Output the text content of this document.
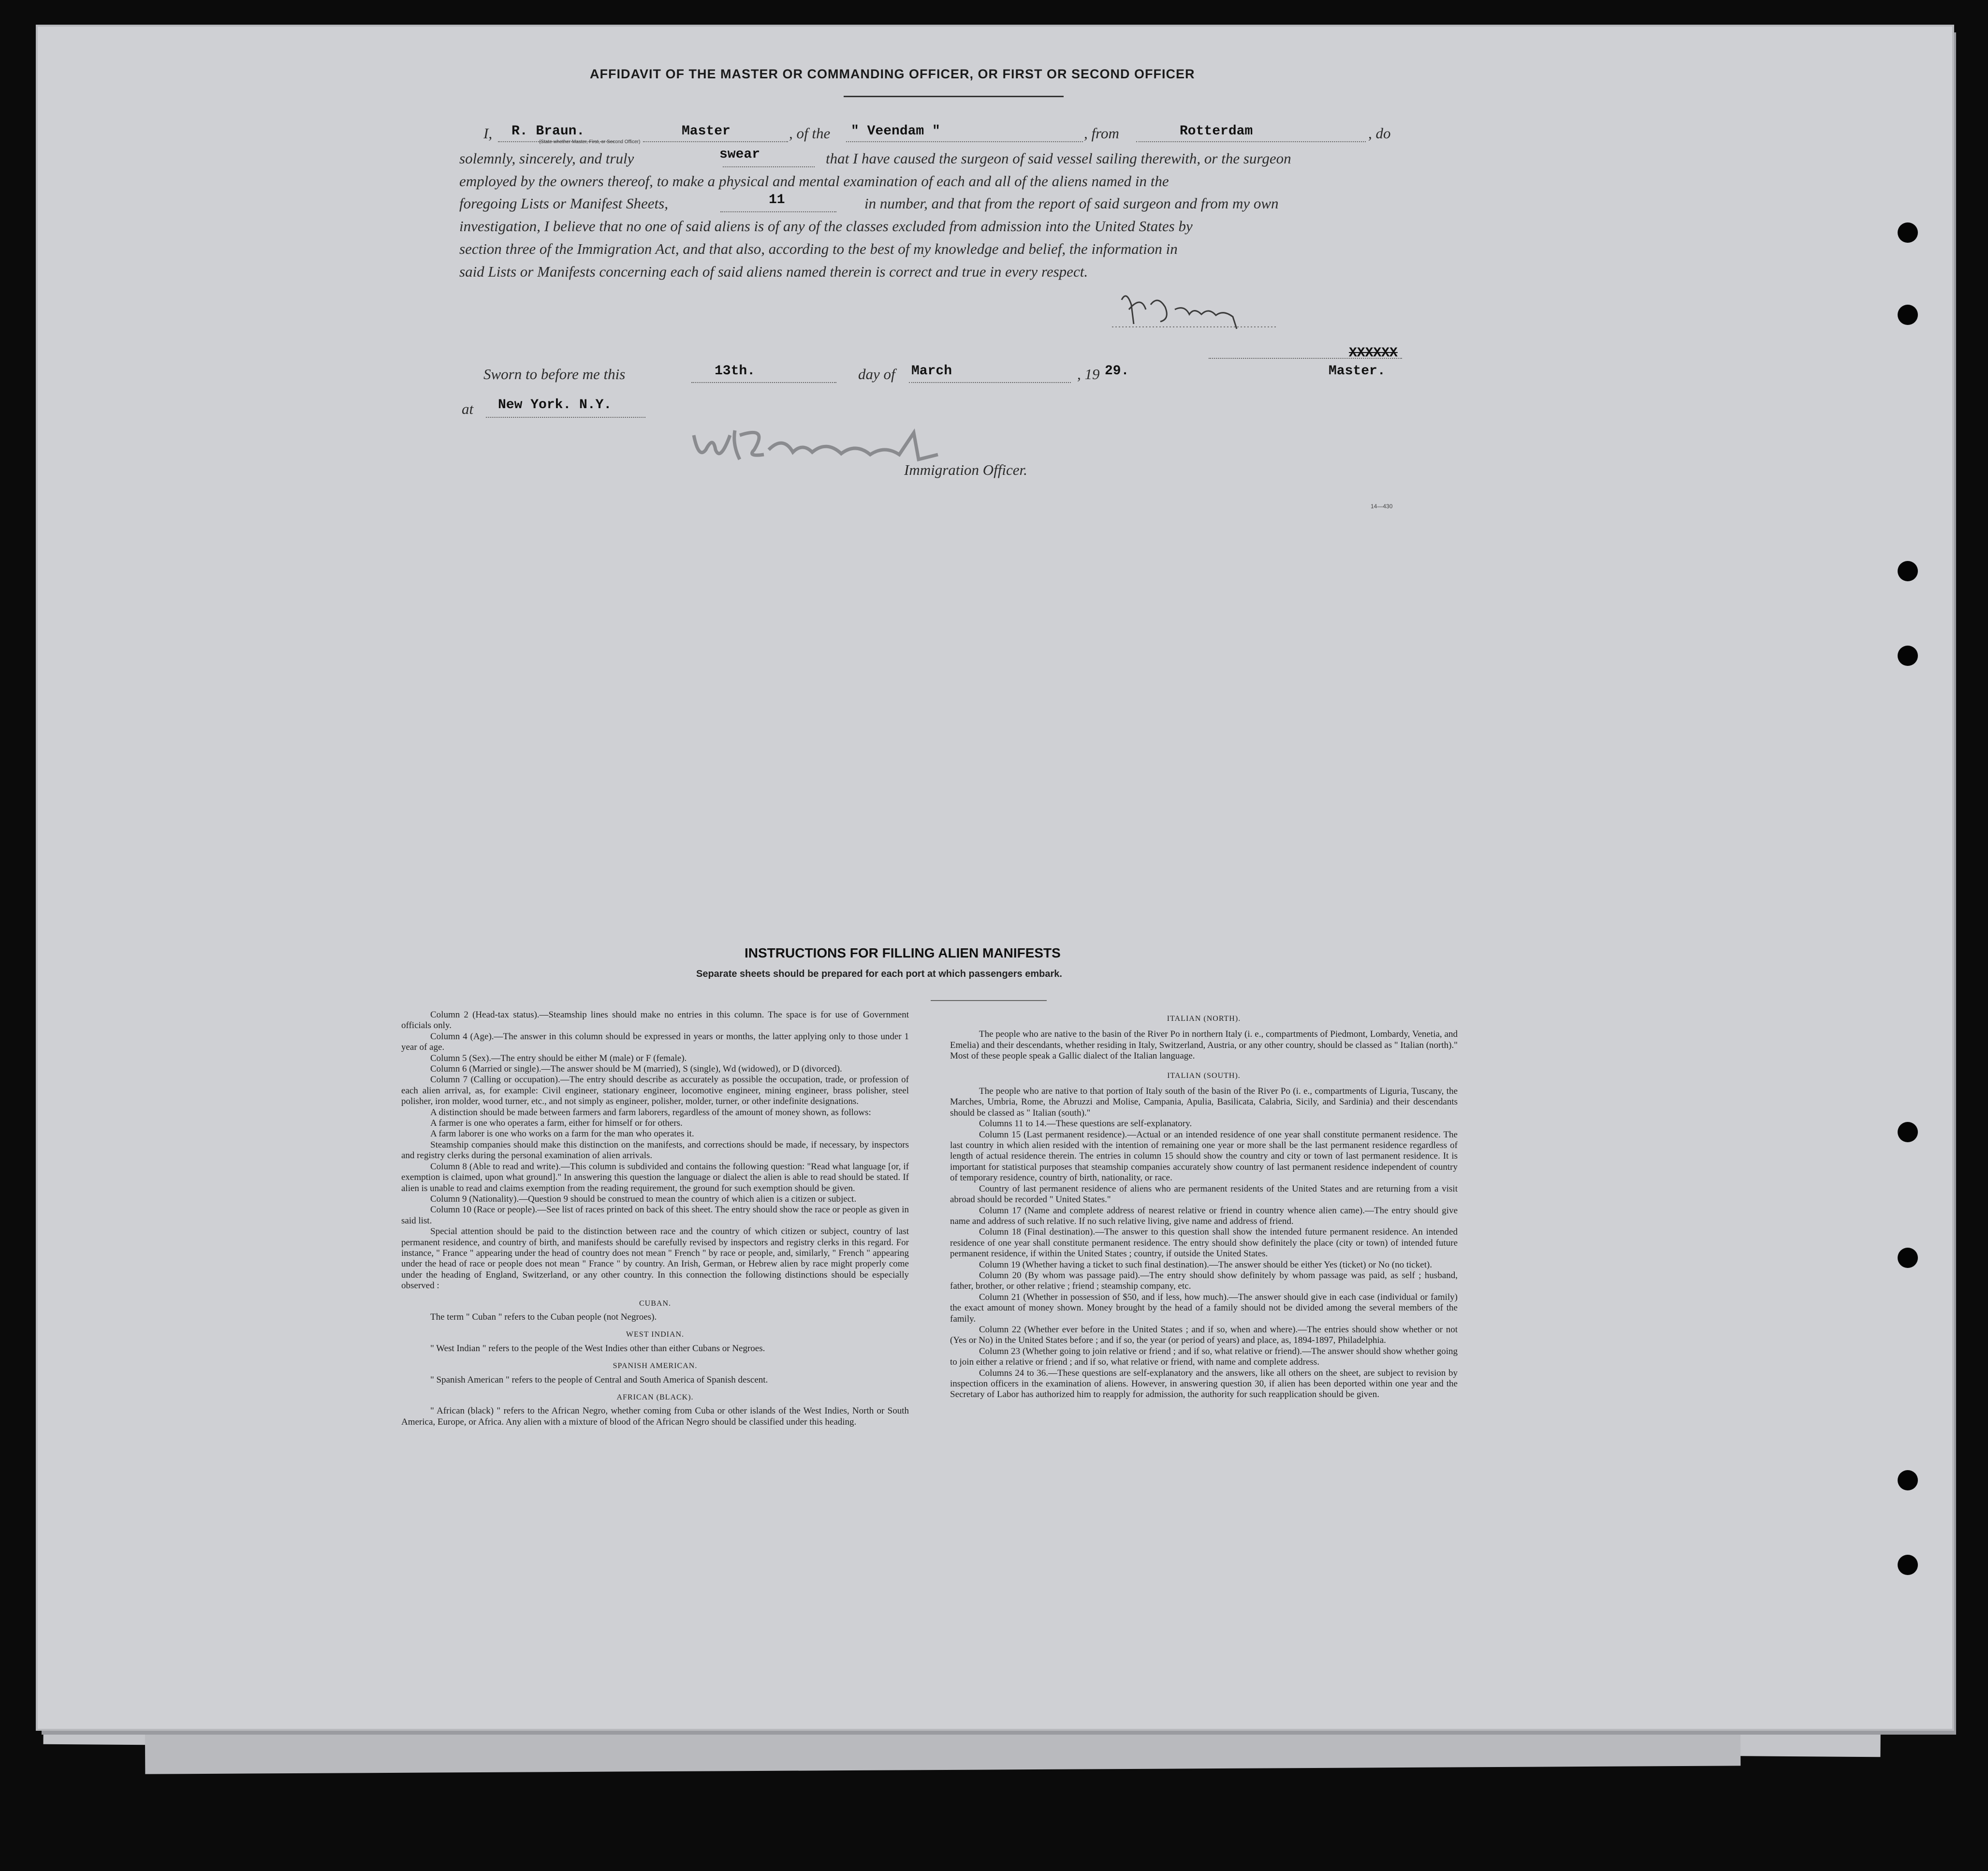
AFFIDAVIT OF THE MASTER OR COMMANDING OFFICER, OR FIRST OR SECOND OFFICER
I,	, of the	, from	, do
R. Braun.	Master
(State whether Master, First, or Second Officer)
" Veendam "	Rotterdam
solemnly, sincerely, and truly	that I have caused the surgeon of said vessel sailing therewith, or the surgeon
swear
employed by the owners thereof, to make a physical and mental examination of each and all of the aliens named in the
foregoing Lists or Manifest Sheets,	in number, and that from the report of said surgeon and from my own
11
investigation, I believe that no one of said aliens is of any of the classes excluded from admission into the United States by
section three of the Immigration Act, and that also, according to the best of my knowledge and belief, the information in
said Lists or Manifests concerning each of said aliens named therein is correct and true in every respect.
Sworn to before me this	day of	, 19
13th.	March	29.
XXXXXX
Master.
at	New York. N.Y.
Immigration Officer.
14—430
INSTRUCTIONS FOR FILLING ALIEN MANIFESTS
Separate sheets should be prepared for each port at which passengers embark.

Column 2 (Head-tax status).—Steamship lines should make no entries in this column. The space is for use of Government officials only.

Column 4 (Age).—The answer in this column should be expressed in years or months, the latter applying only to those under 1 year of age.

Column 5 (Sex).—The entry should be either M (male) or F (female).

Column 6 (Married or single).—The answer should be M (married), S (single), Wd (widowed), or D (divorced).

Column 7 (Calling or occupation).—The entry should describe as accurately as possible the occupation, trade, or profession of each alien arrival, as, for example: Civil engineer, stationary engineer, locomotive engineer, mining engineer, brass polisher, steel polisher, iron molder, wood turner, etc., and not simply as engineer, polisher, molder, turner, or other indefinite designations.

A distinction should be made between farmers and farm laborers, regardless of the amount of money shown, as follows:

A farmer is one who operates a farm, either for himself or for others.

A farm laborer is one who works on a farm for the man who operates it.

Steamship companies should make this distinction on the manifests, and corrections should be made, if necessary, by inspectors and registry clerks during the personal examination of alien arrivals.

Column 8 (Able to read and write).—This column is subdivided and contains the following question: "Read what language [or, if exemption is claimed, upon what ground]." In answering this question the language or dialect the alien is able to read should be stated. If alien is unable to read and claims exemption from the reading requirement, the ground for such exemption should be given.

Column 9 (Nationality).—Question 9 should be construed to mean the country of which alien is a citizen or subject.

Column 10 (Race or people).—See list of races printed on back of this sheet. The entry should show the race or people as given in said list.

Special attention should be paid to the distinction between race and the country of which citizen or subject, country of last permanent residence, and country of birth, and manifests should be carefully revised by inspectors and registry clerks in this regard. For instance, " France " appearing under the head of country does not mean " French " by race or people, and, similarly, " French " appearing under the head of race or people does not mean " France " by country. An Irish, German, or Hebrew alien by race might properly come under the heading of England, Switzerland, or any other country. In this connection the following distinctions should be especially observed :

CUBAN.

The term " Cuban " refers to the Cuban people (not Negroes).

WEST INDIAN.

" West Indian " refers to the people of the West Indies other than either Cubans or Negroes.

SPANISH AMERICAN.

" Spanish American " refers to the people of Central and South America of Spanish descent.

AFRICAN (BLACK).

" African (black) " refers to the African Negro, whether coming from Cuba or other islands of the West Indies, North or South America, Europe, or Africa. Any alien with a mixture of blood of the African Negro should be classified under this heading.

ITALIAN (NORTH).

The people who are native to the basin of the River Po in northern Italy (i. e., compartments of Piedmont, Lombardy, Venetia, and Emelia) and their descendants, whether residing in Italy, Switzerland, Austria, or any other country, should be classed as " Italian (north)." Most of these people speak a Gallic dialect of the Italian language.

ITALIAN (SOUTH).

The people who are native to that portion of Italy south of the basin of the River Po (i. e., compartments of Liguria, Tuscany, the Marches, Umbria, Rome, the Abruzzi and Molise, Campania, Apulia, Basilicata, Calabria, Sicily, and Sardinia) and their descendants should be classed as " Italian (south)."

Columns 11 to 14.—These questions are self-explanatory.

Column 15 (Last permanent residence).—Actual or an intended residence of one year shall constitute permanent residence. The last country in which alien resided with the intention of remaining one year or more shall be the last permanent residence regardless of length of actual residence therein. The entries in column 15 should show the country and city or town of last permanent residence. It is important for statistical purposes that steamship companies accurately show country of last permanent residence independent of country of temporary residence, country of birth, nationality, or race.

Country of last permanent residence of aliens who are permanent residents of the United States and are returning from a visit abroad should be recorded " United States."

Column 17 (Name and complete address of nearest relative or friend in country whence alien came).—The entry should give name and address of such relative. If no such relative living, give name and address of friend.

Column 18 (Final destination).—The answer to this question shall show the intended future permanent residence. An intended residence of one year shall constitute permanent residence. The entry should show definitely the place (city or town) of intended future permanent residence, if within the United States ; country, if outside the United States.

Column 19 (Whether having a ticket to such final destination).—The answer should be either Yes (ticket) or No (no ticket).

Column 20 (By whom was passage paid).—The entry should show definitely by whom passage was paid, as self ; husband, father, brother, or other relative ; friend ; steamship company, etc.

Column 21 (Whether in possession of $50, and if less, how much).—The answer should give in each case (individual or family) the exact amount of money shown. Money brought by the head of a family should not be divided among the several members of the family.

Column 22 (Whether ever before in the United States ; and if so, when and where).—The entries should show whether or not (Yes or No) in the United States before ; and if so, the year (or period of years) and place, as, 1894-1897, Philadelphia.

Column 23 (Whether going to join relative or friend ; and if so, what relative or friend).—The answer should show whether going to join either a relative or friend ; and if so, what relative or friend, with name and complete address.

Columns 24 to 36.—These questions are self-explanatory and the answers, like all others on the sheet, are subject to revision by inspection officers in the examination of aliens. However, in answering question 30, if alien has been deported within one year and the Secretary of Labor has authorized him to reapply for admission, the authority for such reapplication should be given.
